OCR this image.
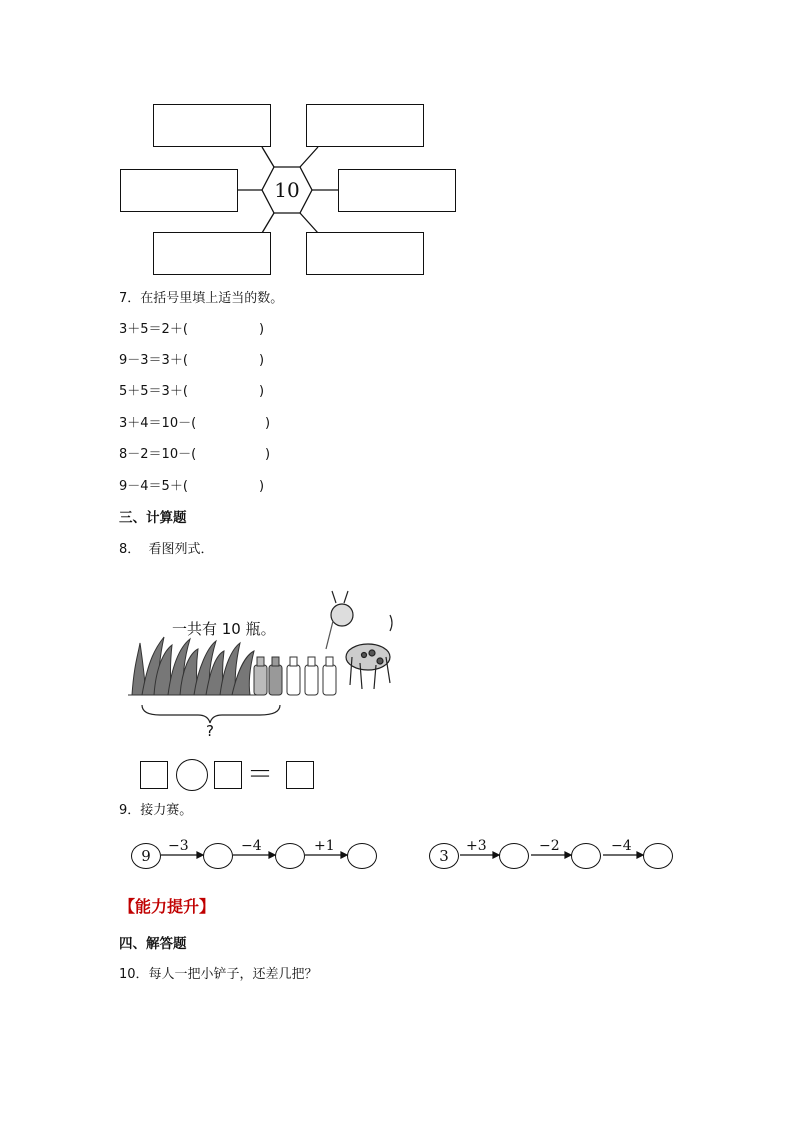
10
7．在括号里填上适当的数。
3＋5＝2＋(	)
9－3＝3＋(	)
5＋5＝3＋(	)
3＋4＝10－(	)
8－2＝10－(	)
9－4＝5＋(	)
三、计算题
8．  看图列式．
一共有 10 瓶。
?
＝
9．接力赛。
9
−3	−4	+1
3
+3	−2	−4
【能力提升】
四、解答题
10．每人一把小铲子，还差几把？
